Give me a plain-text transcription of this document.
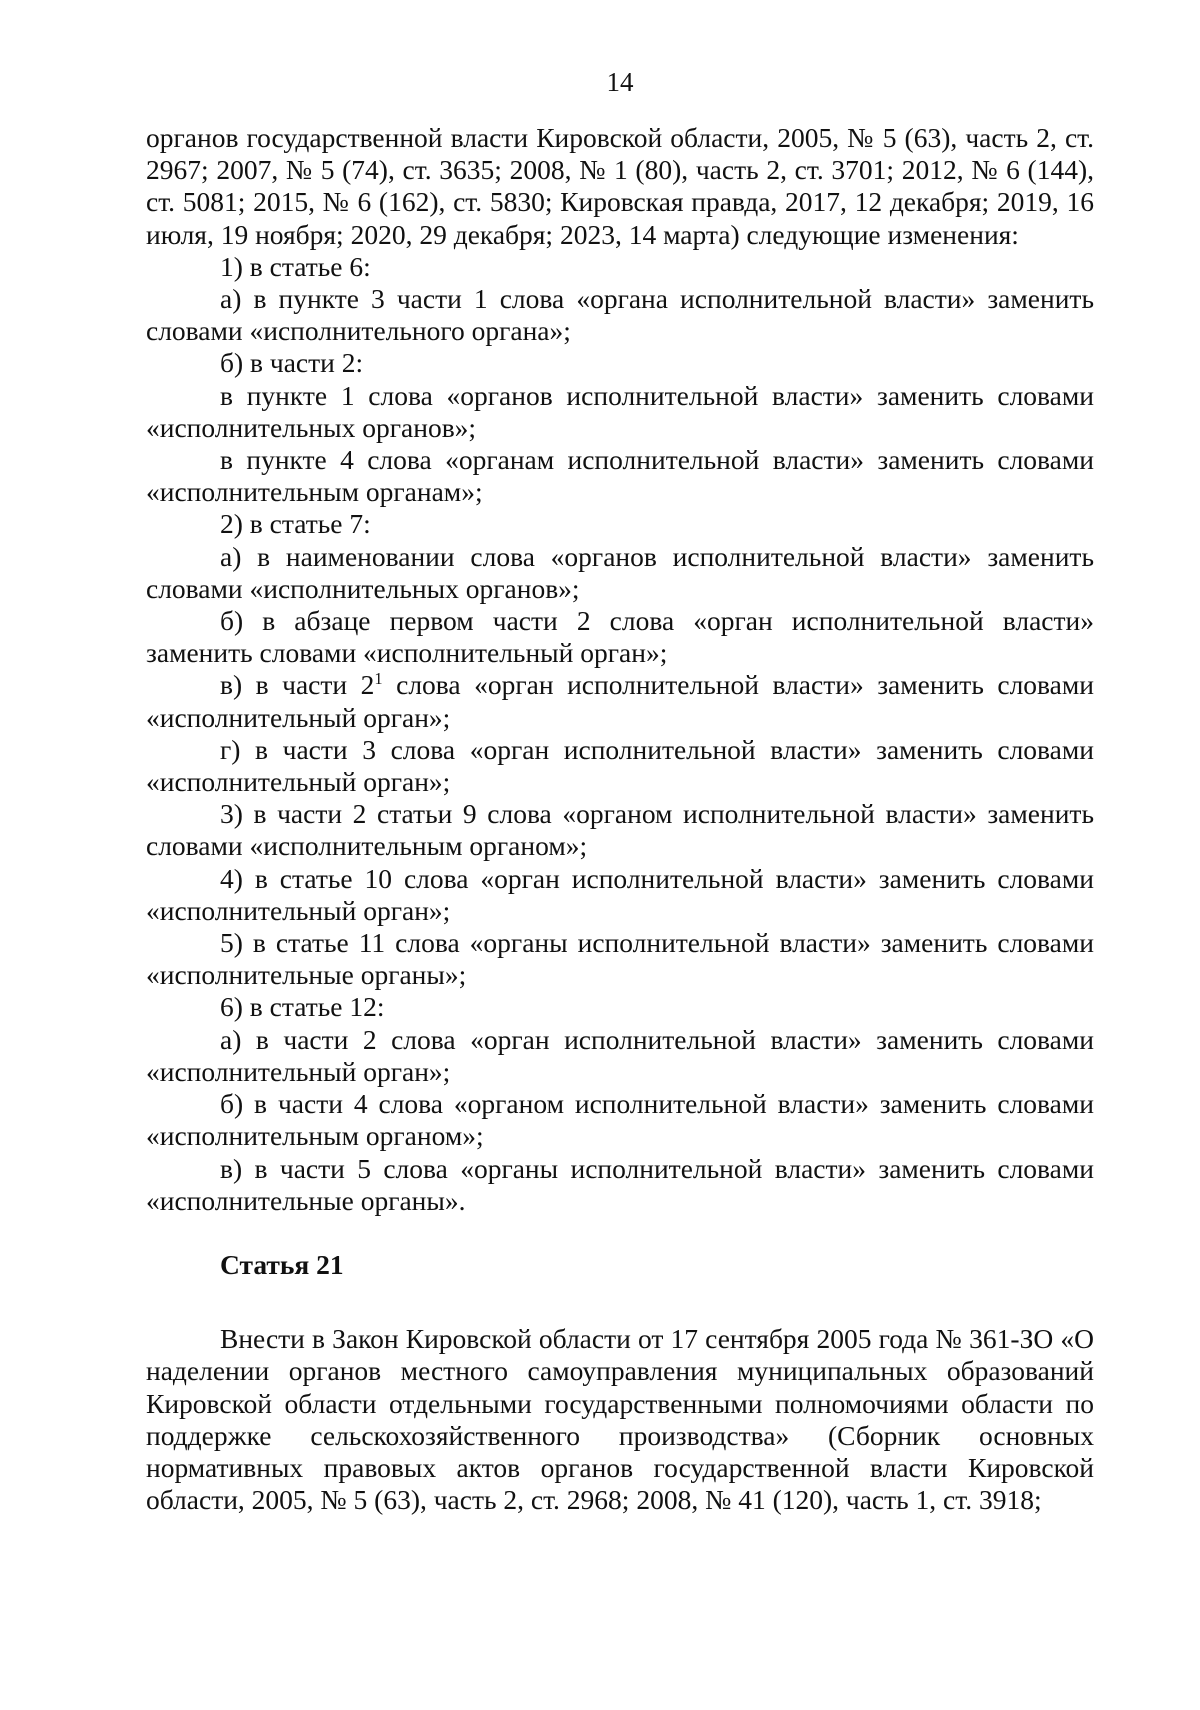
14

органов государственной власти Кировской области, 2005, № 5 (63), часть 2, ст. 2967; 2007, № 5 (74), ст. 3635; 2008, № 1 (80), часть 2, ст. 3701; 2012, № 6 (144), ст. 5081; 2015, № 6 (162), ст. 5830; Кировская правда, 2017, 12 декабря; 2019, 16 июля, 19 ноября; 2020, 29 декабря; 2023, 14 марта) следующие изменения:

1) в статье 6:

а) в пункте 3 части 1 слова «органа исполнительной власти» заменить словами «исполнительного органа»;

б) в части 2:

в пункте 1 слова «органов исполнительной власти» заменить словами «исполнительных органов»;

в пункте 4 слова «органам исполнительной власти» заменить словами «исполнительным органам»;

2) в статье 7:

а) в наименовании слова «органов исполнительной власти» заменить словами «исполнительных органов»;

б) в абзаце первом части 2 слова «орган исполнительной власти» заменить словами «исполнительный орган»;

в) в части $2^1$ слова «орган исполнительной власти» заменить словами «исполнительный орган»;

г) в части 3 слова «орган исполнительной власти» заменить словами «исполнительный орган»;

3) в части 2 статьи 9 слова «органом исполнительной власти» заменить словами «исполнительным органом»;

4) в статье 10 слова «орган исполнительной власти» заменить словами «исполнительный орган»;

5) в статье 11 слова «органы исполнительной власти» заменить словами «исполнительные органы»;

6) в статье 12:

а) в части 2 слова «орган исполнительной власти» заменить словами «исполнительный орган»;

б) в части 4 слова «органом исполнительной власти» заменить словами «исполнительным органом»;

в) в части 5 слова «органы исполнительной власти» заменить словами «исполнительные органы».

Статья 21

Внести в Закон Кировской области от 17 сентября 2005 года № 361-ЗО «О наделении органов местного самоуправления муниципальных образований Кировской области отдельными государственными полномочиями области по поддержке сельскохозяйственного производства» (Сборник основных нормативных правовых актов органов государственной власти Кировской области, 2005, № 5 (63), часть 2, ст. 2968; 2008, № 41 (120), часть 1, ст. 3918;
